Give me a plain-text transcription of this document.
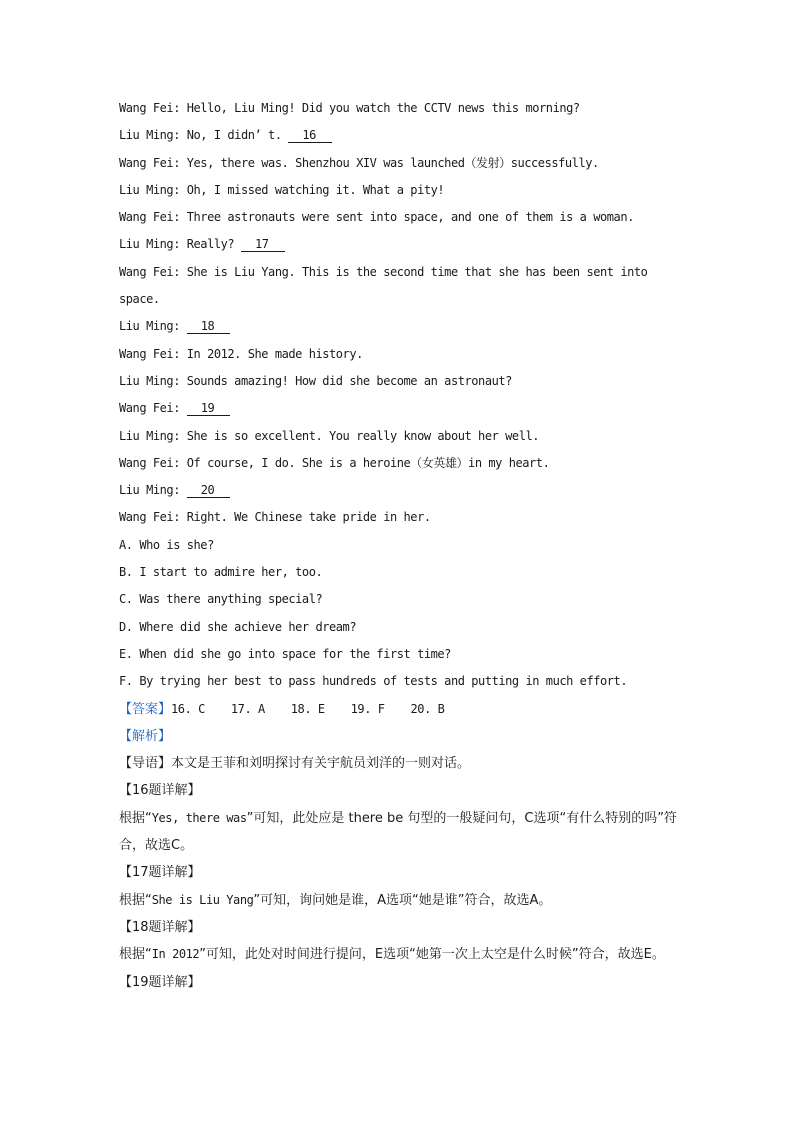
Wang Fei: Hello, Liu Ming! Did you watch the CCTV news this morning?

Liu Ming: No, I didn’ t. 16

Wang Fei: Yes, there was. Shenzhou XIV was launched（发射）successfully.

Liu Ming: Oh, I missed watching it. What a pity!

Wang Fei: Three astronauts were sent into space, and one of them is a woman.

Liu Ming: Really? 17

Wang Fei: She is Liu Yang. This is the second time that she has been sent into space.

Liu Ming: 18

Wang Fei: In 2012. She made history.

Liu Ming: Sounds amazing! How did she become an astronaut?

Wang Fei: 19

Liu Ming: She is so excellent. You really know about her well.

Wang Fei: Of course, I do. She is a heroine（女英雄）in my heart.

Liu Ming: 20

Wang Fei: Right. We Chinese take pride in her.

A. Who is she?

B. I start to admire her, too.

C. Was there anything special?

D. Where did she achieve her dream?

E. When did she go into space for the first time?

F. By trying her best to pass hundreds of tests and putting in much effort.

【答案】16. C 17. A 18. E 19. F 20. B

【解析】

【导语】本文是王菲和刘明探讨有关宇航员刘洋的一则对话。

【16题详解】

根据“Yes, there was”可知，此处应是 there be 句型的一般疑问句，C选项“有什么特别的吗”符合，故选C。

【17题详解】

根据“She is Liu Yang”可知，询问她是谁，A选项“她是谁”符合，故选A。

【18题详解】

根据“In 2012”可知，此处对时间进行提问，E选项“她第一次上太空是什么时候”符合，故选E。

【19题详解】
